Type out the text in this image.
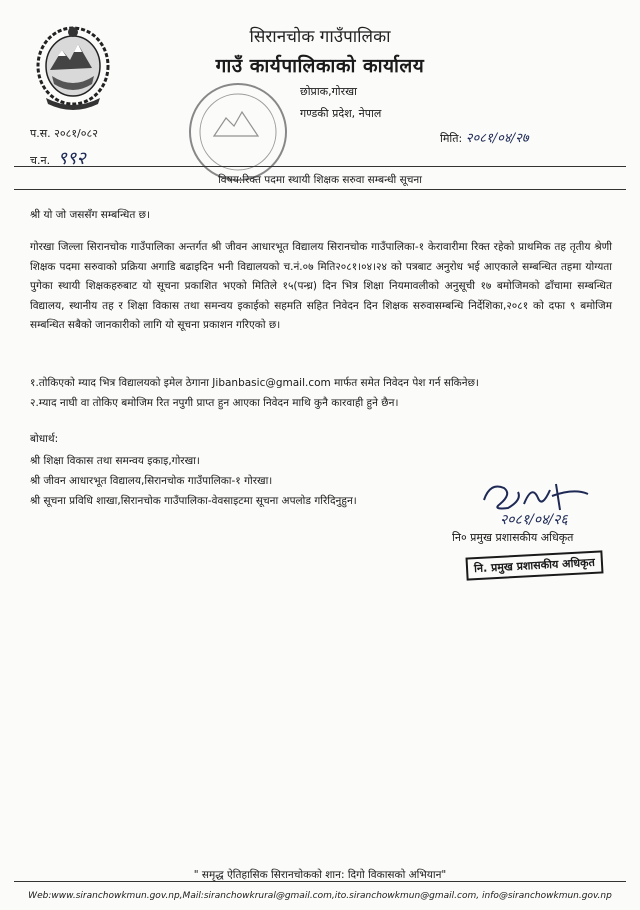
सिरानचोक गाउँपालिका
गाउँ कार्यपालिकाको कार्यालय
छोप्राक,गोरखा
गण्डकी प्रदेश, नेपाल
प.स. २०८१/०८२
च.न. ९९२
मिति: २०८१/०४/२७
विषय:रिक्त पदमा स्थायी शिक्षक सरुवा सम्बन्धी सूचना
श्री यो जो जससँग सम्बन्धित छ।
गोरखा जिल्ला सिरानचोक गाउँपालिका अन्तर्गत श्री जीवन आधारभूत विद्यालय सिरानचोक गाउँपालिका-१ केरावारीमा रिक्त रहेको प्राथमिक तह तृतीय श्रेणी शिक्षक पदमा सरुवाको प्रक्रिया अगाडि बढाइदिन भनी विद्यालयको च.नं.०७ मिति२०८१।०४।२४ को पत्रबाट अनुरोध भई आएकाले सम्बन्धित तहमा योग्यता पुगेका स्थायी शिक्षकहरुबाट यो सूचना प्रकाशित भएको मितिले १५(पन्ध्र) दिन भित्र शिक्षा नियमावलीको अनुसूची १७ बमोजिमको ढाँचामा सम्बन्धित विद्यालय, स्थानीय तह र शिक्षा विकास तथा समन्वय इकाईको सहमति सहित निवेदन दिन शिक्षक सरुवासम्बन्धि निर्देशिका,२०८१ को दफा ९ बमोजिम सम्बन्धित सबैको जानकारीको लागि यो सूचना प्रकाशन गरिएको छ।
१.तोकिएको म्याद भित्र विद्यालयको इमेल ठेगाना Jibanbasic@gmail.com मार्फत समेत निवेदन पेश गर्न सकिनेछ।
२.म्याद नाघी वा तोकिए बमोजिम रित नपुगी प्राप्त हुन आएका निवेदन माथि कुनै कारवाही हुने छैन।
बोधार्थ:
श्री शिक्षा विकास तथा समन्वय इकाइ,गोरखा।
श्री जीवन आधारभूत विद्यालय,सिरानचोक गाउँपालिका-१ गोरखा।
श्री सूचना प्रविधि शाखा,सिरानचोक गाउँपालिका-वेवसाइटमा सूचना अपलोड गरिदिनुहुन।
२०८१/०४/२६
नि० प्रमुख प्रशासकीय अधिकृत
नि. प्रमुख प्रशासकीय अधिकृत
" समृद्ध ऐतिहासिक सिरानचोकको शान: दिगो विकासको अभियान"
Web:www.siranchowkmun.gov.np,Mail:siranchowkrural@gmail.com,ito.siranchowkmun@gmail.com, info@siranchowkmun.gov.np
